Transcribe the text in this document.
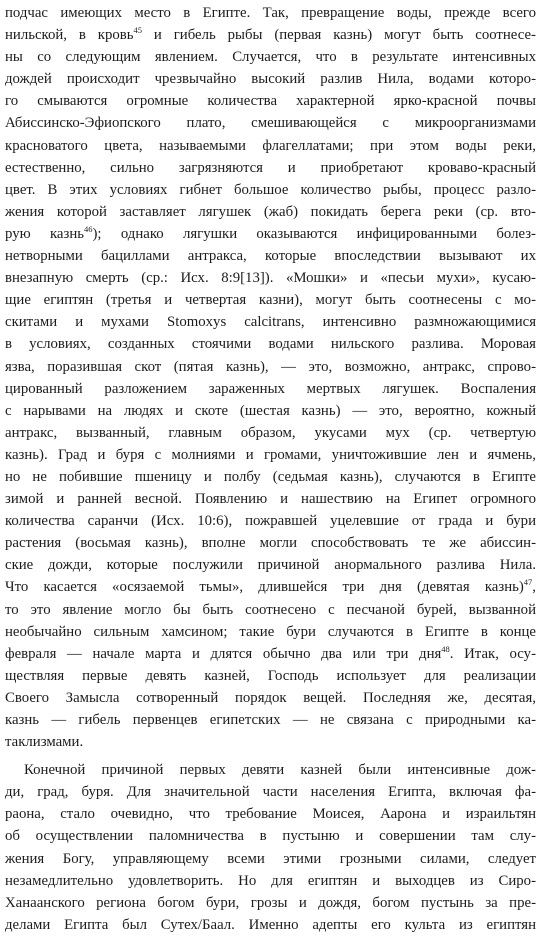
подчас имеющих место в Египте. Так, превращение воды, прежде всего
нильской, в кровь$^{45}$ и гибель рыбы (первая казнь) могут быть соотнесе-
ны со следующим явлением. Случается, что в результате интенсивных
дождей происходит чрезвычайно высокий разлив Нила, водами которо-
го смываются огромные количества характерной ярко-красной почвы
Абиссинско-Эфиопского плато, смешивающейся с микроорганизмами
красноватого цвета, называемыми флагеллатами; при этом воды реки,
естественно, сильно загрязняются и приобретают кроваво-красный
цвет. В этих условиях гибнет большое количество рыбы, процесс разло-
жения которой заставляет лягушек (жаб) покидать берега реки (ср. вто-
рую казнь$^{46}$); однако лягушки оказываются инфицированными болез-
нетворными бациллами антракса, которые впоследствии вызывают их
внезапную смерть (ср.: Исх. 8:9[13]). «Мошки» и «песьи мухи», кусаю-
щие египтян (третья и четвертая казни), могут быть соотнесены с мо-
скитами и мухами Stomoxys calcitrans, интенсивно размножающимися
в условиях, созданных стоячими водами нильского разлива. Моровая
язва, поразившая скот (пятая казнь), — это, возможно, антракс, спрово-
цированный разложением зараженных мертвых лягушек. Воспаления
с нарывами на людях и скоте (шестая казнь) — это, вероятно, кожный
антракс, вызванный, главным образом, укусами мух (ср. четвертую
казнь). Град и буря с молниями и громами, уничтожившие лен и ячмень,
но не побившие пшеницу и полбу (седьмая казнь), случаются в Египте
зимой и ранней весной. Появлению и нашествию на Египет огромного
количества саранчи (Исх. 10:6), пожравшей уцелевшие от града и бури
растения (восьмая казнь), вполне могли способствовать те же абиссин-
ские дожди, которые послужили причиной анормального разлива Нила.
Что касается «осязаемой тьмы», длившейся три дня (девятая казнь)$^{47}$,
то это явление могло бы быть соотнесено с песчаной бурей, вызванной
необычайно сильным хамсином; такие бури случаются в Египте в конце
февраля — начале марта и длятся обычно два или три дня$^{48}$. Итак, осу-
ществляя первые девять казней, Господь использует для реализации
Своего Замысла сотворенный порядок вещей. Последняя же, десятая,
казнь — гибель первенцев египетских — не связана с природными ка-
таклизмами.
Конечной причиной первых девяти казней были интенсивные дож-
ди, град, буря. Для значительной части населения Египта, включая фа-
раона, стало очевидно, что требование Моисея, Аарона и израильтян
об осуществлении паломничества в пустыню и совершении там слу-
жения Богу, управляющему всеми этими грозными силами, следует
незамедлительно удовлетворить. Но для египтян и выходцев из Сиро-
Ханаанского региона богом бури, грозы и дождя, богом пустынь за пре-
делами Египта был Сутех/Баал. Именно адепты его культа из египтян
